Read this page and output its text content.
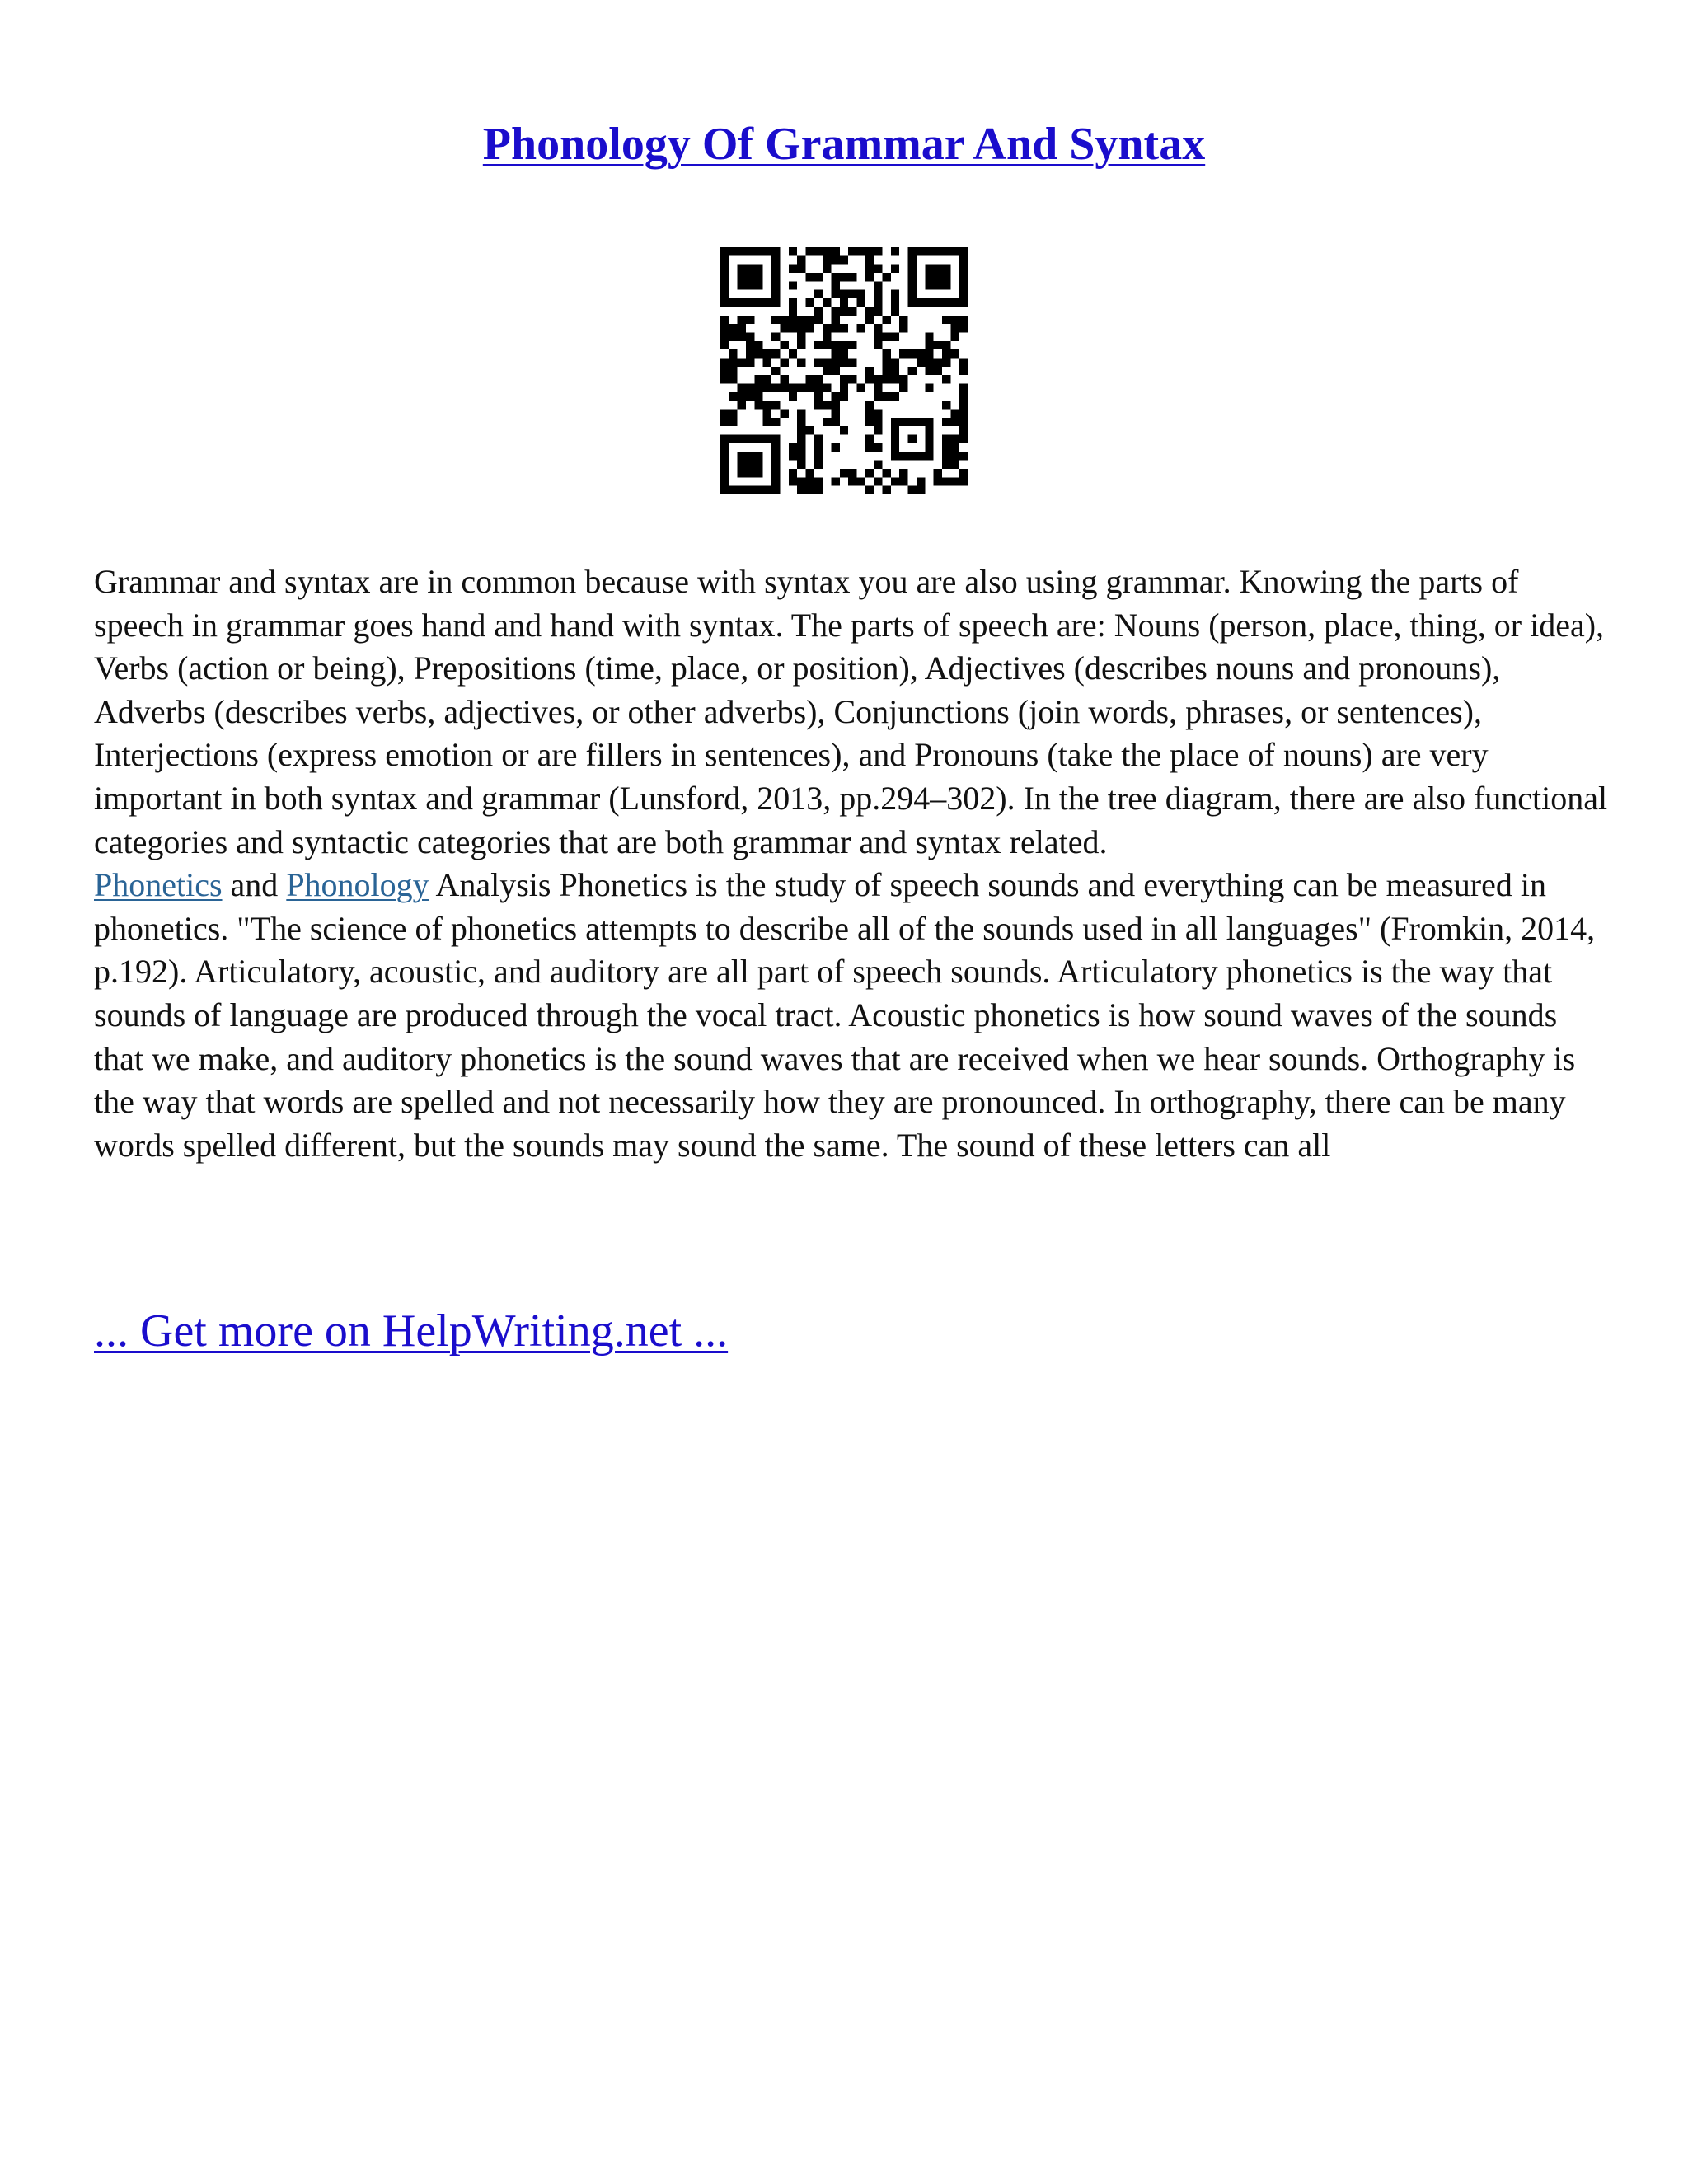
Phonology Of Grammar And Syntax

Grammar and syntax are in common because with syntax you are also using grammar. Knowing the parts of speech in grammar goes hand and hand with syntax. The parts of speech are: Nouns (person, place, thing, or idea), Verbs (action or being), Prepositions (time, place, or position), Adjectives (describes nouns and pronouns), Adverbs (describes verbs, adjectives, or other adverbs), Conjunctions (join words, phrases, or sentences), Interjections (express emotion or are fillers in sentences), and Pronouns (take the place of nouns) are very important in both syntax and grammar (Lunsford, 2013, pp.294–302). In the tree diagram, there are also functional categories and syntactic categories that are both grammar and syntax related.

Phonetics and Phonology Analysis Phonetics is the study of speech sounds and everything can be measured in phonetics. "The science of phonetics attempts to describe all of the sounds used in all languages" (Fromkin, 2014, p.192). Articulatory, acoustic, and auditory are all part of speech sounds. Articulatory phonetics is the way that sounds of language are produced through the vocal tract. Acoustic phonetics is how sound waves of the sounds that we make, and auditory phonetics is the sound waves that are received when we hear sounds. Orthography is the way that words are spelled and not necessarily how they are pronounced. In orthography, there can be many words spelled different, but the sounds may sound the same. The sound of these letters can all

... Get more on HelpWriting.net ...
